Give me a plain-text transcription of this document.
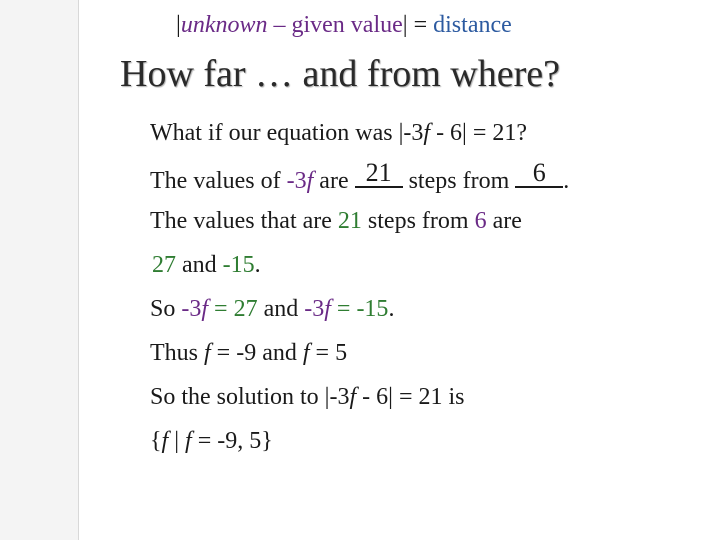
|unknown – given value| = distance
How far … and from where?
What if our equation was |-3f - 6| = 21?
The values of -3f are 21 steps from 6 .
The values that are 21 steps from 6 are
27 and -15.
So -3f = 27 and -3f = -15.
Thus f = -9 and f = 5
So the solution to |-3f - 6| = 21 is
{f | f = -9, 5}
